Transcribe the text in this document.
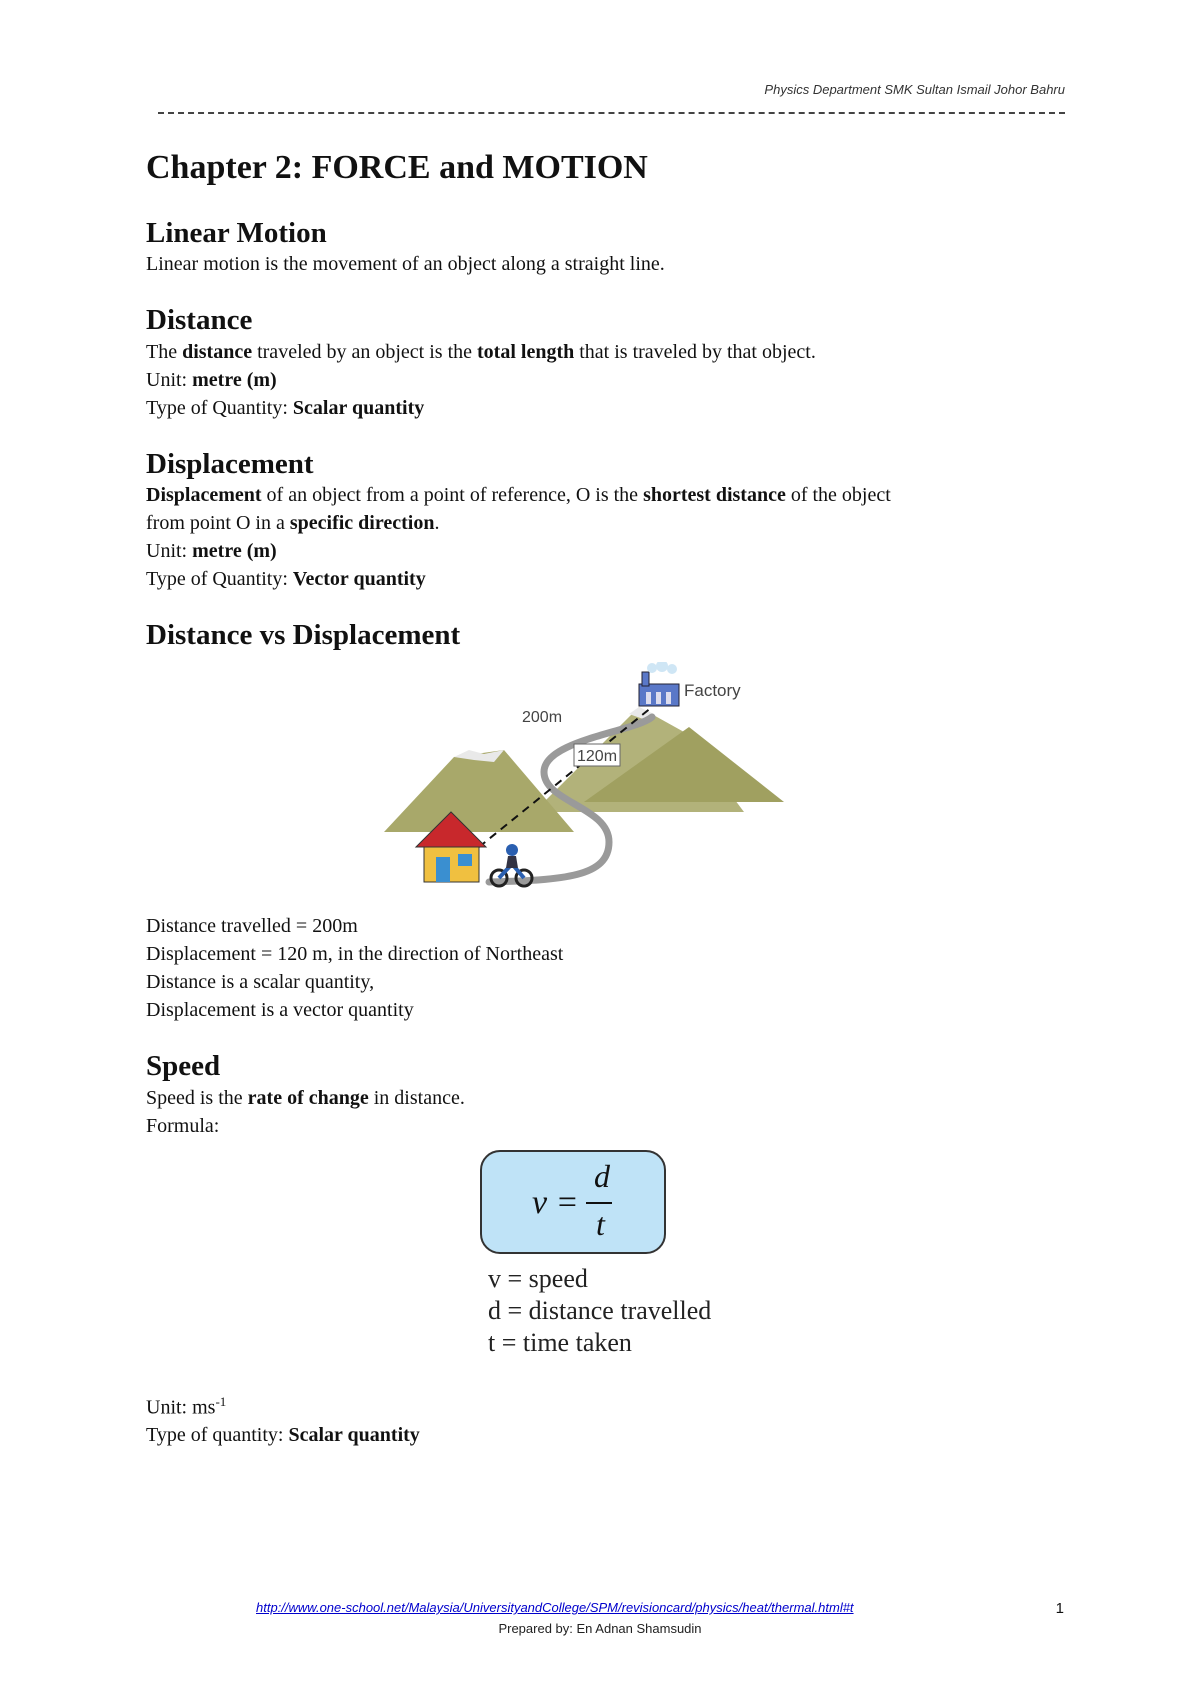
Physics Department SMK Sultan Ismail Johor Bahru
Chapter 2: FORCE and MOTION
Linear Motion

Linear motion is the movement of an object along a straight line.

Distance

The distance traveled by an object is the total length that is traveled by that object.

Unit: metre (m)

Type of Quantity: Scalar quantity

Displacement

Displacement of an object from a point of reference, O is the shortest distance of the object

from point O in a specific direction.

Unit: metre (m)

Type of Quantity: Vector quantity

Distance vs Displacement
Factory
200m
120m

Distance travelled = 200m

Displacement = 120 m, in the direction of Northeast

Distance is a scalar quantity,

Displacement is a vector quantity

Speed

Speed is the rate of change in distance.

Formula:

v =
d
t
v = speed
d = distance travelled
t = time taken

Unit: $ms^{-1}$

Type of quantity: Scalar quantity

http://www.one-school.net/Malaysia/UniversityandCollege/SPM/revisioncard/physics/heat/thermal.html#t
Prepared by: En Adnan Shamsudin
1
